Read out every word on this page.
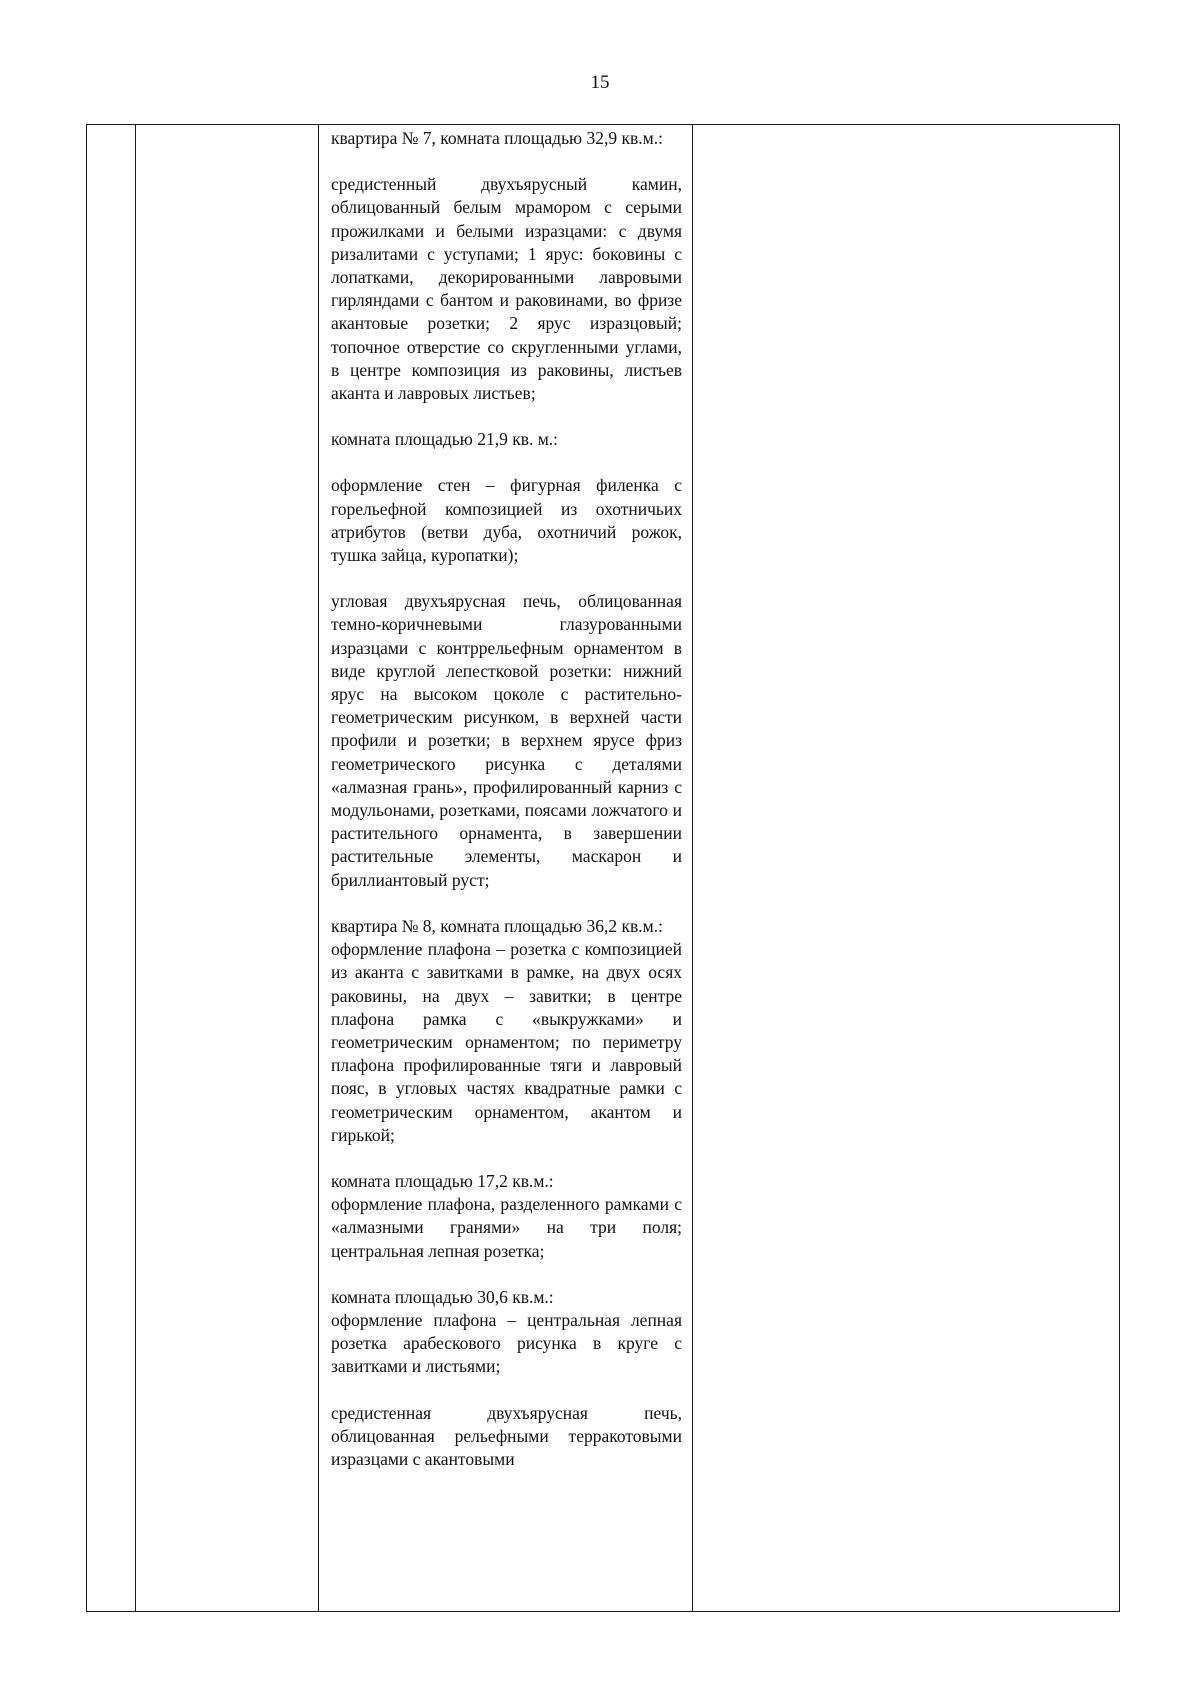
15

квартира № 7, комната площадью 32,9 кв.м.:

средистенный двухъярусный камин, облицованный белым мрамором с серыми прожилками и белыми изразцами: с двумя ризалитами с уступами; 1 ярус: боковины с лопатками, декорированными лавровыми гирляндами с бантом и раковинами, во фризе акантовые розетки; 2 ярус изразцовый; топочное отверстие со скругленными углами, в центре композиция из раковины, листьев аканта и лавровых листьев;

комната площадью 21,9 кв. м.:

оформление стен – фигурная филенка с горельефной композицией из охотничьих атрибутов (ветви дуба, охотничий рожок, тушка зайца, куропатки);

угловая двухъярусная печь, облицованная темно-коричневыми глазурованными изразцами с контррельефным орнаментом в виде круглой лепестковой розетки: нижний ярус на высоком цоколе с растительно-геометрическим рисунком, в верхней части профили и розетки; в верхнем ярусе фриз геометрического рисунка с деталями «алмазная грань», профилированный карниз с модульонами, розетками, поясами ложчатого и растительного орнамента, в завершении растительные элементы, маскарон и бриллиантовый руст;

квартира № 8, комната площадью 36,2 кв.м.:

оформление плафона – розетка с композицией из аканта с завитками в рамке, на двух осях раковины, на двух – завитки; в центре плафона рамка с «выкружками» и геометрическим орнаментом; по периметру плафона профилированные тяги и лавровый пояс, в угловых частях квадратные рамки с геометрическим орнаментом, акантом и гирькой;

комната площадью 17,2 кв.м.:

оформление плафона, разделенного рамками с «алмазными гранями» на три поля; центральная лепная розетка;

комната площадью 30,6 кв.м.:

оформление плафона – центральная лепная розетка арабескового рисунка в круге с завитками и листьями;

средистенная двухъярусная печь, облицованная рельефными терракотовыми изразцами с акантовыми
